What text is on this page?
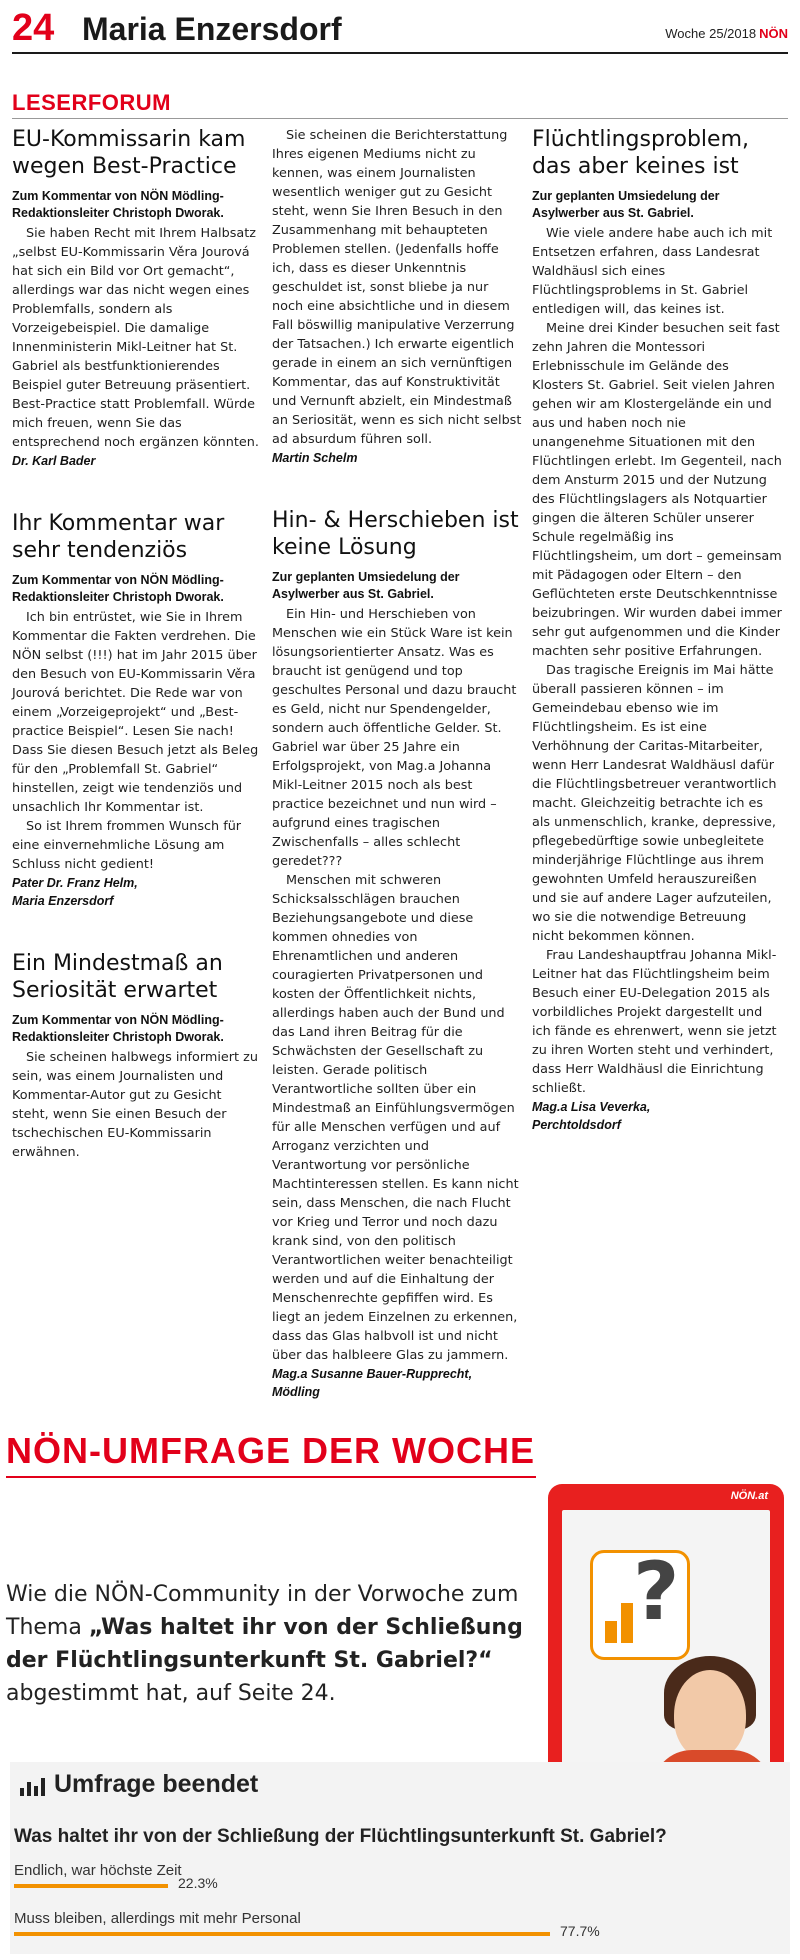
24 Maria Enzersdorf	Woche 25/2018 NÖN
LESERFORUM
EU-Kommissarin kam wegen Best-Practice
Zum Kommentar von NÖN Mödling-Redaktionsleiter Christoph Dworak.

Sie haben Recht mit Ihrem Halbsatz „selbst EU-Kommissarin Věra Jourová hat sich ein Bild vor Ort gemacht“, allerdings war das nicht wegen eines Problemfalls, sondern als Vorzeigebeispiel. Die damalige Innenministerin Mikl-Leitner hat St. Gabriel als bestfunktionierendes Beispiel guter Betreuung präsentiert. Best-Practice statt Problemfall. Würde mich freuen, wenn Sie das entsprechend noch ergänzen könnten.

Dr. Karl Bader
Ihr Kommentar war sehr tendenziös
Zum Kommentar von NÖN Mödling-Redaktionsleiter Christoph Dworak.

Ich bin entrüstet, wie Sie in Ihrem Kommentar die Fakten verdrehen. Die NÖN selbst (!!!) hat im Jahr 2015 über den Besuch von EU-Kommissarin Věra Jourová berichtet. Die Rede war von einem „Vorzeigeprojekt“ und „Best-practice Beispiel“. Lesen Sie nach! Dass Sie diesen Besuch jetzt als Beleg für den „Problemfall St. Gabriel“ hinstellen, zeigt wie tendenziös und unsachlich Ihr Kommentar ist.

So ist Ihrem frommen Wunsch für eine einvernehmliche Lösung am Schluss nicht gedient!

Pater Dr. Franz Helm,
Maria Enzersdorf
Ein Mindestmaß an Seriosität erwartet
Zum Kommentar von NÖN Mödling-Redaktionsleiter Christoph Dworak.

Sie scheinen halbwegs informiert zu sein, was einem Journalisten und Kommentar-Autor gut zu Gesicht steht, wenn Sie einen Besuch der tschechischen EU-Kommissarin erwähnen.

Sie scheinen die Berichterstattung Ihres eigenen Mediums nicht zu kennen, was einem Journalisten wesentlich weniger gut zu Gesicht steht, wenn Sie Ihren Besuch in den Zusammenhang mit behaupteten Problemen stellen. (Jedenfalls hoffe ich, dass es dieser Unkenntnis geschuldet ist, sonst bliebe ja nur noch eine absichtliche und in diesem Fall böswillig manipulative Verzerrung der Tatsachen.) Ich erwarte eigentlich gerade in einem an sich vernünftigen Kommentar, das auf Konstruktivität und Vernunft abzielt, ein Mindestmaß an Seriosität, wenn es sich nicht selbst ad absurdum führen soll.

Martin Schelm
Hin- & Herschieben ist keine Lösung
Zur geplanten Umsiedelung der Asylwerber aus St. Gabriel.

Ein Hin- und Herschieben von Menschen wie ein Stück Ware ist kein lösungsorientierter Ansatz. Was es braucht ist genügend und top geschultes Personal und dazu braucht es Geld, nicht nur Spendengelder, sondern auch öffentliche Gelder. St. Gabriel war über 25 Jahre ein Erfolgsprojekt, von Mag.a Johanna Mikl-Leitner 2015 noch als best practice bezeichnet und nun wird – aufgrund eines tragischen Zwischenfalls – alles schlecht geredet???

Menschen mit schweren Schicksalsschlägen brauchen Beziehungsangebote und diese kommen ohnedies von Ehrenamtlichen und anderen couragierten Privatpersonen und kosten der Öffentlichkeit nichts, allerdings haben auch der Bund und das Land ihren Beitrag für die Schwächsten der Gesellschaft zu leisten. Gerade politisch Verantwortliche sollten über ein Mindestmaß an Einfühlungsvermögen für alle Menschen verfügen und auf Arroganz verzichten und Verantwortung vor persönliche Machtinteressen stellen. Es kann nicht sein, dass Menschen, die nach Flucht vor Krieg und Terror und noch dazu krank sind, von den politisch Verantwortlichen weiter benachteiligt werden und auf die Einhaltung der Menschenrechte gepfiffen wird. Es liegt an jedem Einzelnen zu erkennen, dass das Glas halbvoll ist und nicht über das halbleere Glas zu jammern.

Mag.a Susanne Bauer-Rupprecht, Mödling
Flüchtlingsproblem, das aber keines ist
Zur geplanten Umsiedelung der Asylwerber aus St. Gabriel.

Wie viele andere habe auch ich mit Entsetzen erfahren, dass Landesrat Waldhäusl sich eines Flüchtlingsproblems in St. Gabriel entledigen will, das keines ist.

Meine drei Kinder besuchen seit fast zehn Jahren die Montessori Erlebnisschule im Gelände des Klosters St. Gabriel. Seit vielen Jahren gehen wir am Klostergelände ein und aus und haben noch nie unangenehme Situationen mit den Flüchtlingen erlebt. Im Gegenteil, nach dem Ansturm 2015 und der Nutzung des Flüchtlingslagers als Notquartier gingen die älteren Schüler unserer Schule regelmäßig ins Flüchtlingsheim, um dort – gemeinsam mit Pädagogen oder Eltern – den Geflüchteten erste Deutschkenntnisse beizubringen. Wir wurden dabei immer sehr gut aufgenommen und die Kinder machten sehr positive Erfahrungen.

Das tragische Ereignis im Mai hätte überall passieren können – im Gemeindebau ebenso wie im Flüchtlingsheim. Es ist eine Verhöhnung der Caritas-Mitarbeiter, wenn Herr Landesrat Waldhäusl dafür die Flüchtlingsbetreuer verantwortlich macht. Gleichzeitig betrachte ich es als unmenschlich, kranke, depressive, pflegebedürftige sowie unbegleitete minderjährige Flüchtlinge aus ihrem gewohnten Umfeld herauszureißen und sie auf andere Lager aufzuteilen, wo sie die notwendige Betreuung nicht bekommen können.

Frau Landeshauptfrau Johanna Mikl-Leitner hat das Flüchtlingsheim beim Besuch einer EU-Delegation 2015 als vorbildliches Projekt dargestellt und ich fände es ehrenwert, wenn sie jetzt zu ihren Worten steht und verhindert, dass Herr Waldhäusl die Einrichtung schließt.

Mag.a Lisa Veverka,
Perchtoldsdorf
NÖN-UMFRAGE DER WOCHE
Wie die NÖN-Community in der Vorwoche zum Thema „Was haltet ihr von der Schließung der Flüchtlingsunterkunft St. Gabriel?“ abgestimmt hat, auf Seite 24.
NÖN.at
?
Umfrage beendet
Was haltet ihr von der Schließung der Flüchtlingsunterkunft St. Gabriel?
Endlich, war höchste Zeit
22.3%
Muss bleiben, allerdings mit mehr Personal
77.7%
